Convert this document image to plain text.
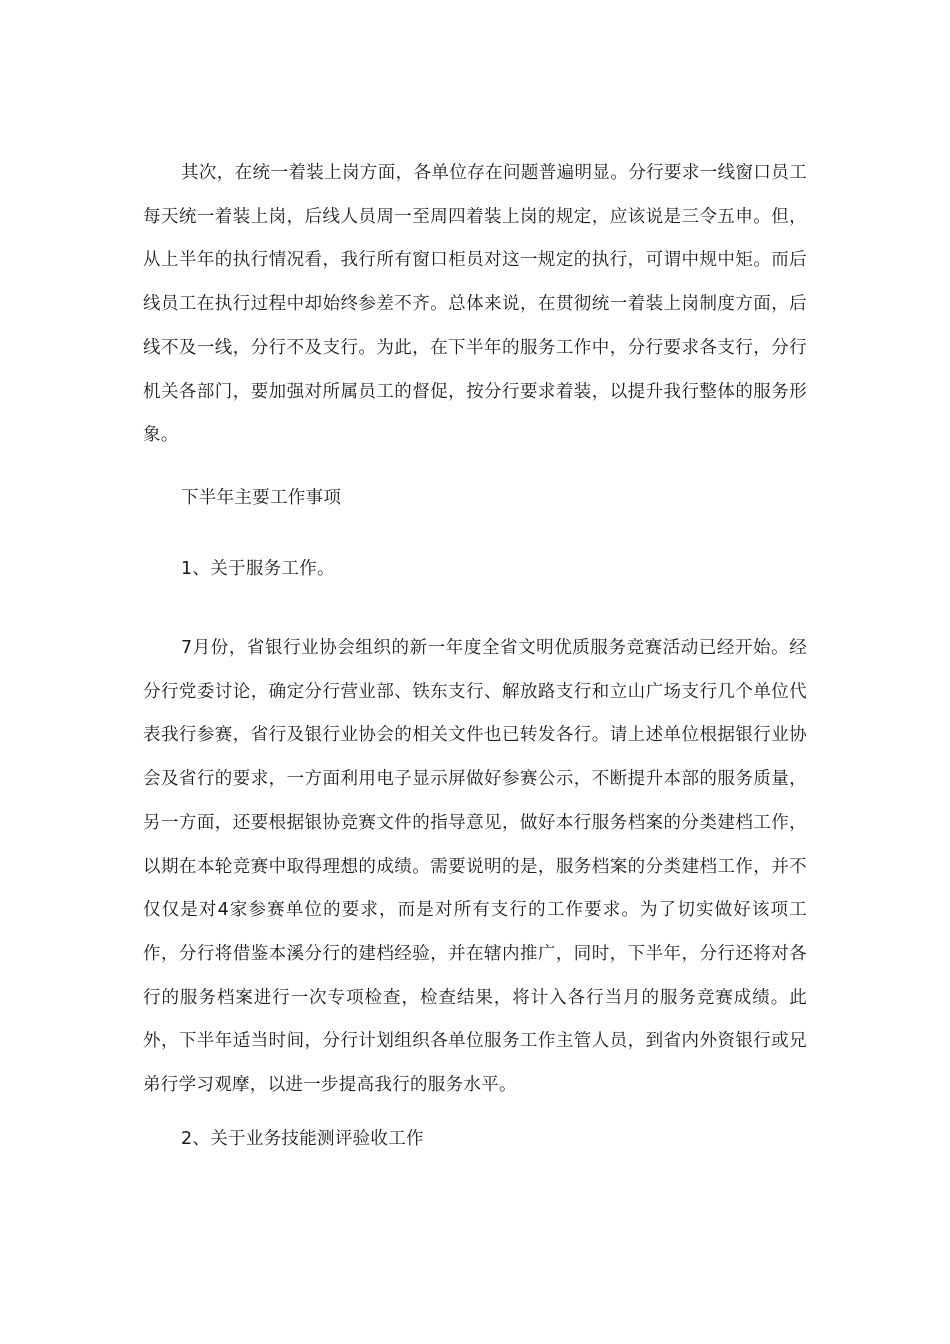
其次，在统一着装上岗方面，各单位存在问题普遍明显。分行要求一线窗口员工每天统一着装上岗，后线人员周一至周四着装上岗的规定，应该说是三令五申。但，从上半年的执行情况看，我行所有窗口柜员对这一规定的执行，可谓中规中矩。而后线员工在执行过程中却始终参差不齐。总体来说，在贯彻统一着装上岗制度方面，后线不及一线，分行不及支行。为此，在下半年的服务工作中，分行要求各支行，分行机关各部门，要加强对所属员工的督促，按分行要求着装，以提升我行整体的服务形象。

下半年主要工作事项

1、关于服务工作。

7月份，省银行业协会组织的新一年度全省文明优质服务竞赛活动已经开始。经分行党委讨论，确定分行营业部、铁东支行、解放路支行和立山广场支行几个单位代表我行参赛，省行及银行业协会的相关文件也已转发各行。请上述单位根据银行业协会及省行的要求，一方面利用电子显示屏做好参赛公示，不断提升本部的服务质量，另一方面，还要根据银协竞赛文件的指导意见，做好本行服务档案的分类建档工作，以期在本轮竞赛中取得理想的成绩。需要说明的是，服务档案的分类建档工作，并不仅仅是对4家参赛单位的要求，而是对所有支行的工作要求。为了切实做好该项工作，分行将借鉴本溪分行的建档经验，并在辖内推广，同时，下半年，分行还将对各行的服务档案进行一次专项检查，检查结果，将计入各行当月的服务竞赛成绩。此外，下半年适当时间，分行计划组织各单位服务工作主管人员，到省内外资银行或兄弟行学习观摩，以进一步提高我行的服务水平。

2、关于业务技能测评验收工作
